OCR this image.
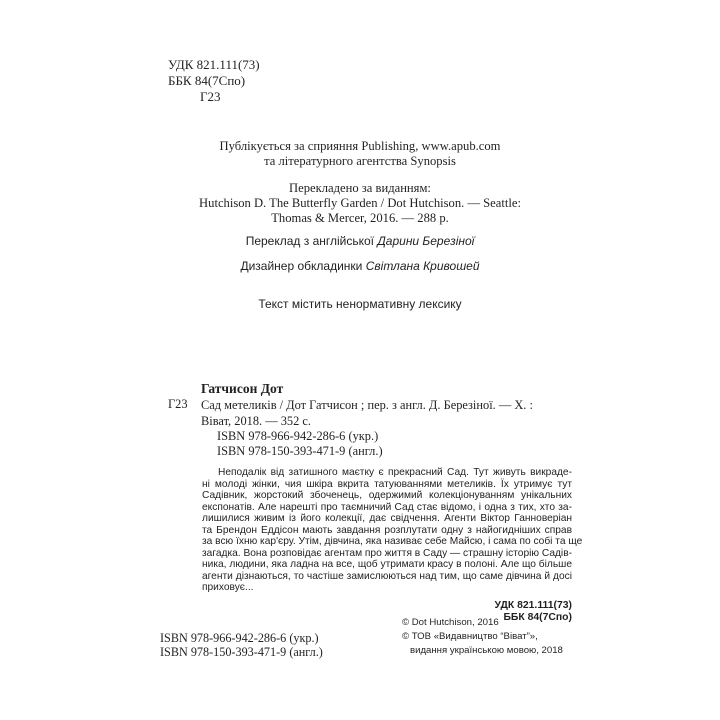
УДК 821.111(73)
ББК 84(7Спо)
Г23
Публікується за сприяння Publishing, www.apub.com
та літературного агентства Synopsis
Перекладено за виданням:
Hutchison D. The Butterfly Garden / Dot Hutchison. — Seattle:
Thomas & Mercer, 2016. — 288 p.
Переклад з англійської Дарини Березіної
Дизайнер обкладинки Світлана Кривошей
Текст містить ненормативну лексику
Гатчисон Дот
Г23 Сад метеликів / Дот Гатчисон ; пер. з англ. Д. Березіної. — Х. :
Віват, 2018. — 352 с.
ISBN 978-966-942-286-6 (укр.)
ISBN 978-150-393-471-9 (англ.)
Неподалік від затишного маєтку є прекрасний Сад. Тут живуть викраде-
ні молоді жінки, чия шкіра вкрита татуюваннями метеликів. Їх утримує тут
Садівник, жорстокий збоченець, одержимий колекціонуванням унікальних
експонатів. Але нарешті про таємничий Сад стає відомо, і одна з тих, хто за-
лишилися живим із його колекції, дає свідчення. Агенти Віктор Ганноверіан
та Брендон Еддісон мають завдання розплутати одну з найогидніших справ
за всю їхню кар'єру. Утім, дівчина, яка називає себе Майсю, і сама по собі та ще
загадка. Вона розповідає агентам про життя в Саду — страшну історію Садів-
ника, людини, яка ладна на все, щоб утримати красу в полоні. Але що більше
агенти дізнаються, то частіше замислюються над тим, що саме дівчина й досі
приховує...
УДК 821.111(73)
ББК 84(7Спо)
ISBN 978-966-942-286-6 (укр.)
ISBN 978-150-393-471-9 (англ.)
© Dot Hutchison, 2016
© ТОВ «Видавництво “Віват”»,
видання українською мовою, 2018
